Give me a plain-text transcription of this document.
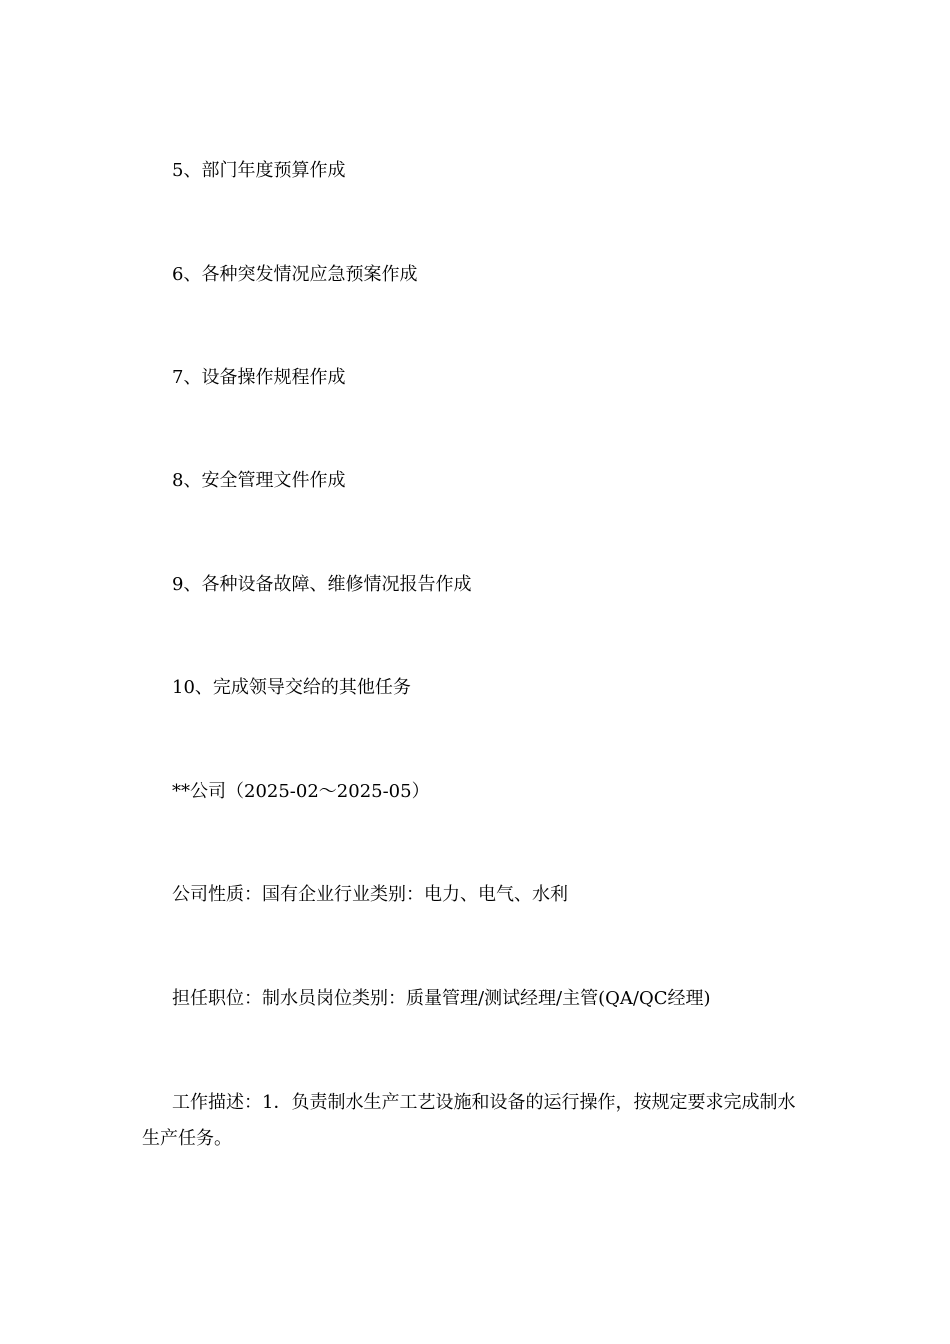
5、部门年度预算作成

6、各种突发情况应急预案作成

7、设备操作规程作成

8、安全管理文件作成

9、各种设备故障、维修情况报告作成

10、完成领导交给的其他任务

**公司（2025-02～2025-05）

公司性质：国有企业行业类别：电力、电气、水利

担任职位：制水员岗位类别：质量管理/测试经理/主管(QA/QC经理)

工作描述：1．负责制水生产工艺设施和设备的运行操作，按规定要求完成制水生产任务。
